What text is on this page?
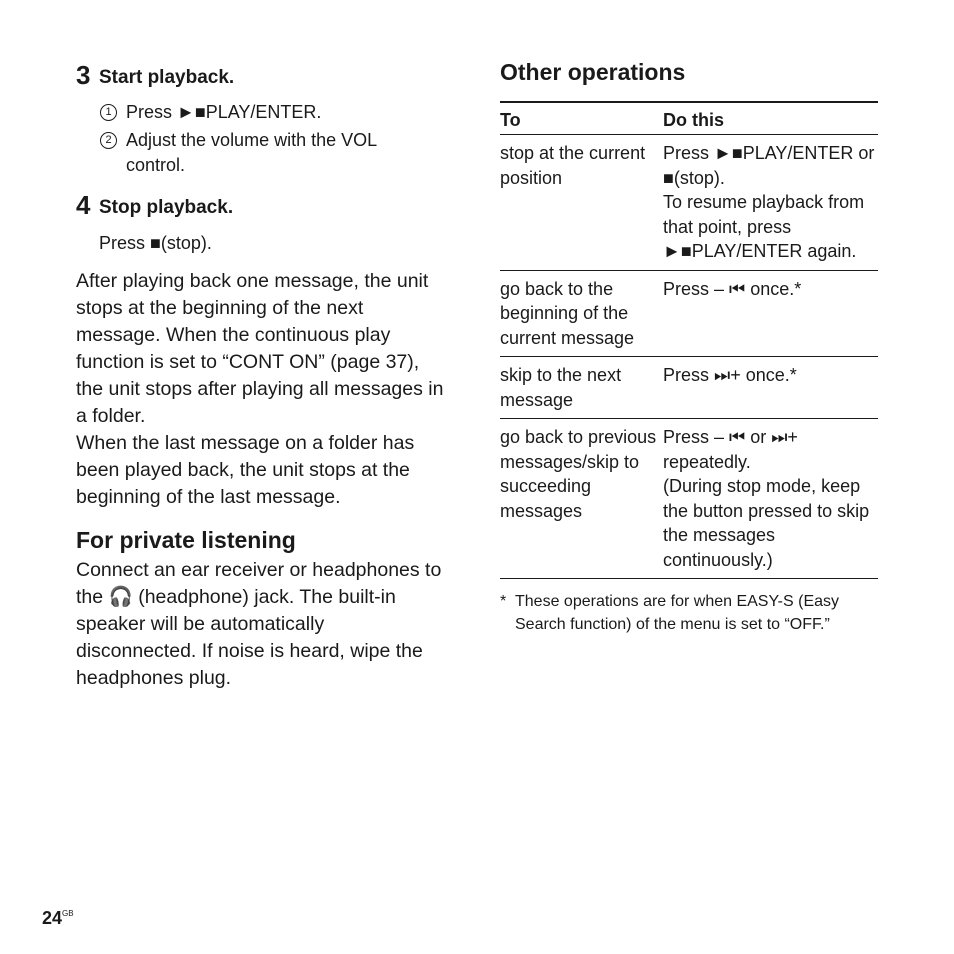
3 Start playback.
1 Press ►■PLAY/ENTER.
2 Adjust the volume with the VOL control.
4 Stop playback.
Press ■(stop).

After playing back one message, the unit stops at the beginning of the next message. When the continuous play function is set to “CONT ON” (page 37), the unit stops after playing all messages in a folder.

When the last message on a folder has been played back, the unit stops at the beginning of the last message.

For private listening

Connect an ear receiver or headphones to the 🎧 (headphone) jack. The built-in speaker will be automatically disconnected. If noise is heard, wipe the headphones plug.

Other operations
To	Do this
stop at the current position	Press ►■PLAY/ENTER or ■(stop).
To resume playback from that point, press ►■PLAY/ENTER again.
go back to the beginning of the current message	Press – ⏮ once.*
skip to the next message	Press ⏭+ once.*
go back to previous messages/skip to succeeding messages	Press – ⏮ or ⏭+ repeatedly.
(During stop mode, keep the button pressed to skip the messages continuously.)
* These operations are for when EASY-S (Easy Search function) of the menu is set to “OFF.”
$24^{GB}$
